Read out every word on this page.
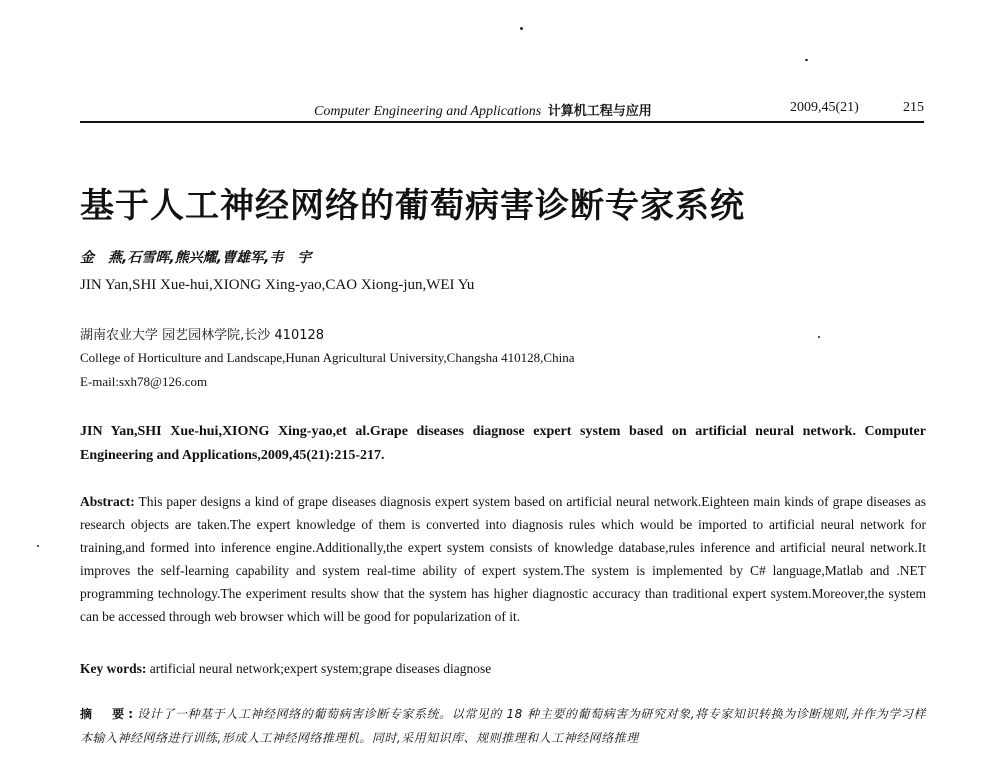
Computer Engineering and Applications 计算机工程与应用	2009,45(21)	215
基于人工神经网络的葡萄病害诊断专家系统
金　燕,石雪晖,熊兴耀,曹雄军,韦　宇
JIN Yan,SHI Xue-hui,XIONG Xing-yao,CAO Xiong-jun,WEI Yu
湖南农业大学 园艺园林学院,长沙 410128
College of Horticulture and Landscape,Hunan Agricultural University,Changsha 410128,China
E-mail:sxh78@126.com

JIN Yan,SHI Xue-hui,XIONG Xing-yao,et al.Grape diseases diagnose expert system based on artificial neural network. Computer Engineering and Applications,2009,45(21):215-217.

Abstract: This paper designs a kind of grape diseases diagnosis expert system based on artificial neural network.Eighteen main kinds of grape diseases as research objects are taken.The expert knowledge of them is converted into diagnosis rules which would be imported to artificial neural network for training,and formed into inference engine.Additionally,the expert system consists of knowledge database,rules inference and artificial neural network.It improves the self-learning capability and system real-time ability of expert system.The system is implemented by C# language,Matlab and .NET programming technology.The experiment results show that the system has higher diagnostic accuracy than traditional expert system.Moreover,the system can be accessed through web browser which will be good for popularization of it.

Key words: artificial neural network;expert system;grape diseases diagnose

摘　要:设计了一种基于人工神经网络的葡萄病害诊断专家系统。以常见的 18 种主要的葡萄病害为研究对象,将专家知识转换为诊断规则,并作为学习样本输入神经网络进行训练,形成人工神经网络推理机。同时,采用知识库、规则推理和人工神经网络推理
